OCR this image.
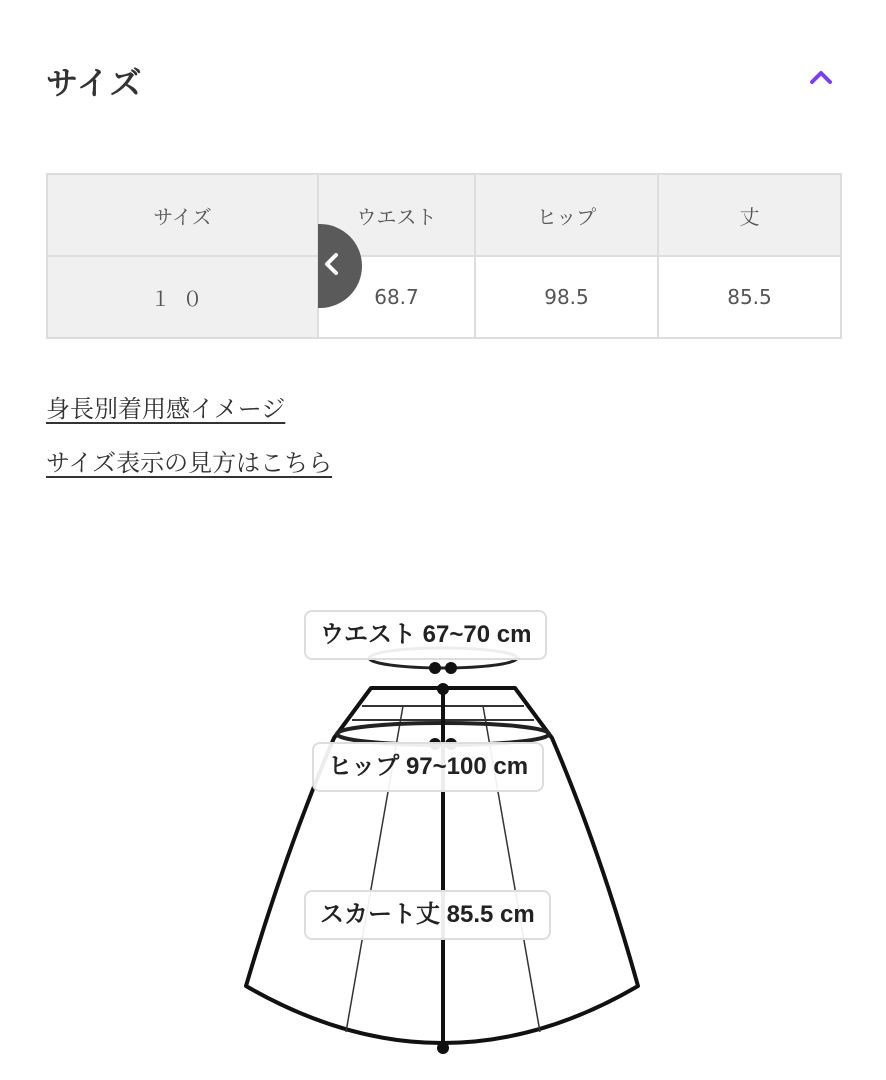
サイズ
サイズ	ウエスト	ヒップ	丈
１０	68.7	98.5	85.5
身長別着用感イメージ
サイズ表示の見方はこちら
ウエスト 67~70 cm
ヒップ 97~100 cm
スカート丈 85.5 cm
